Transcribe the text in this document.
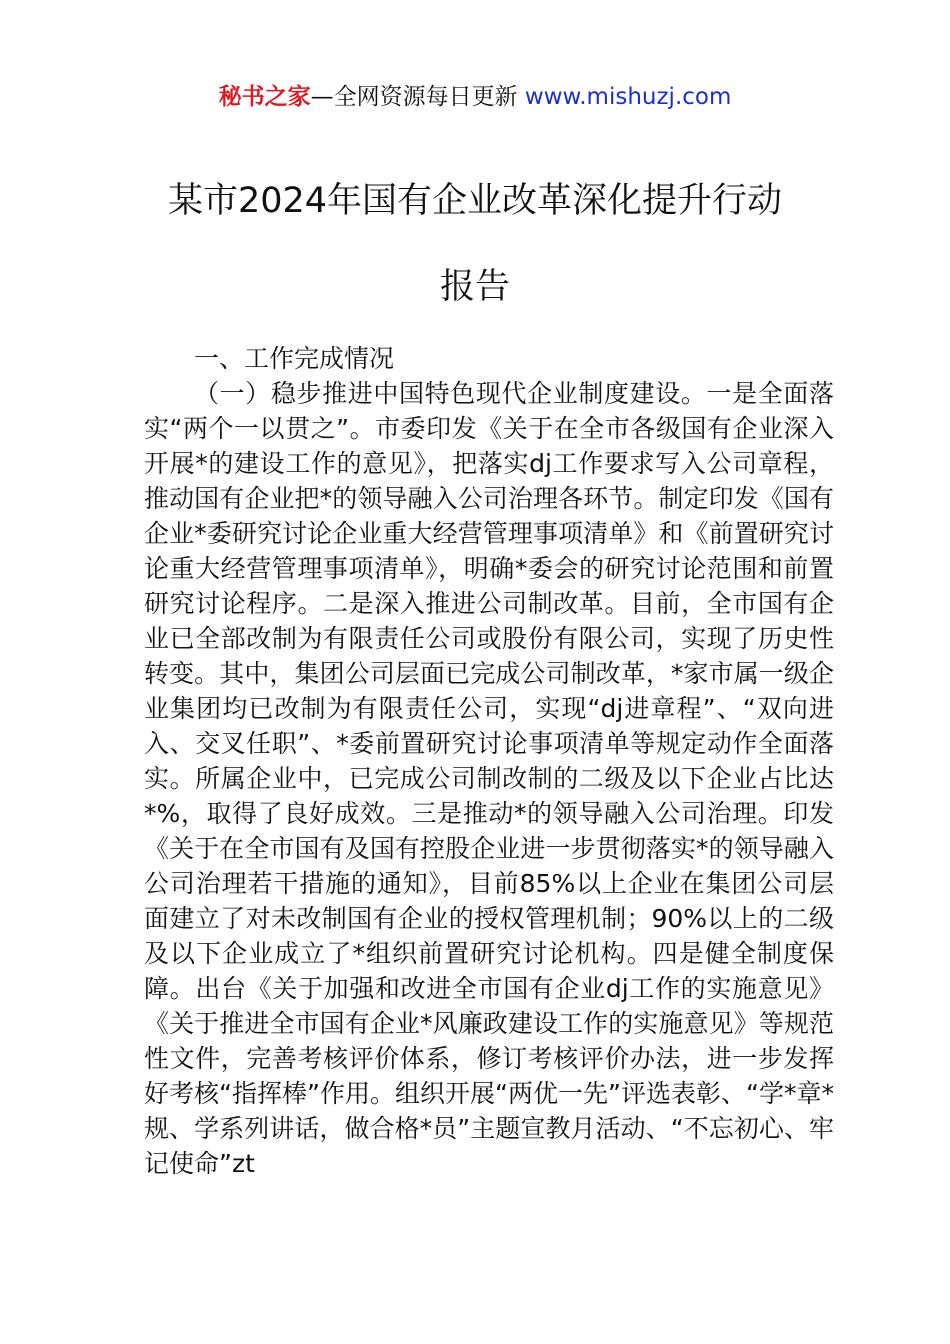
秘书之家—全网资源每日更新 www.mishuzj.com
某市2024年国有企业改革深化提升行动
报告
一、工作完成情况

（一）稳步推进中国特色现代企业制度建设。一是全面落实“两个一以贯之”。市委印发《关于在全市各级国有企业深入开展*的建设工作的意见》，把落实dj工作要求写入公司章程，推动国有企业把*的领导融入公司治理各环节。制定印发《国有企业*委研究讨论企业重大经营管理事项清单》和《前置研究讨论重大经营管理事项清单》，明确*委会的研究讨论范围和前置研究讨论程序。二是深入推进公司制改革。目前，全市国有企业已全部改制为有限责任公司或股份有限公司，实现了历史性转变。其中，集团公司层面已完成公司制改革，*家市属一级企业集团均已改制为有限责任公司，实现“dj进章程”、“双向进入、交叉任职”、*委前置研究讨论事项清单等规定动作全面落实。所属企业中，已完成公司制改制的二级及以下企业占比达*%，取得了良好成效。三是推动*的领导融入公司治理。印发《关于在全市国有及国有控股企业进一步贯彻落实*的领导融入公司治理若干措施的通知》，目前85%以上企业在集团公司层面建立了对未改制国有企业的授权管理机制；90%以上的二级及以下企业成立了*组织前置研究讨论机构。四是健全制度保障。出台《关于加强和改进全市国有企业dj工作的实施意见》《关于推进全市国有企业*风廉政建设工作的实施意见》等规范性文件，完善考核评价体系，修订考核评价办法，进一步发挥好考核“指挥棒”作用。组织开展“两优一先”评选表彰、“学*章*规、学系列讲话，做合格*员”主题宣教月活动、“不忘初心、牢记使命”zt
